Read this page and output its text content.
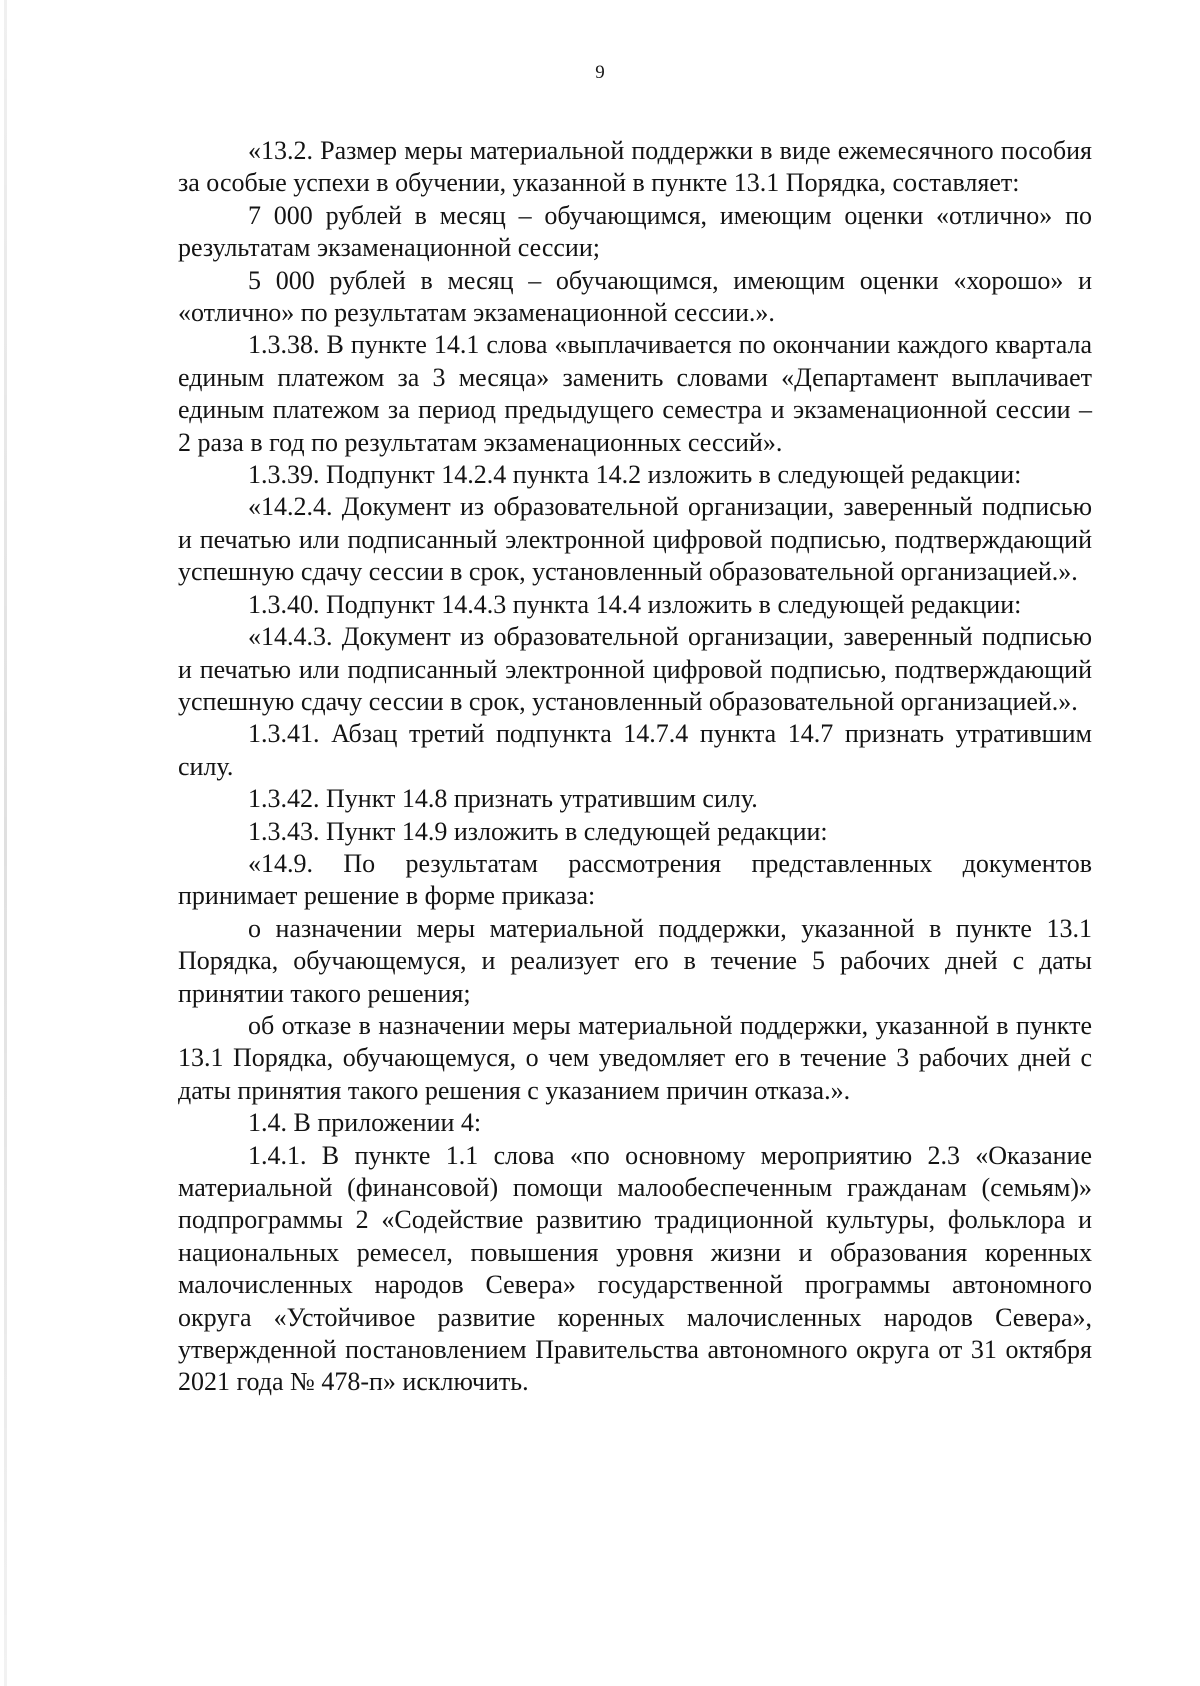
9

«13.2. Размер меры материальной поддержки в виде ежемесячного пособия за особые успехи в обучении, указанной в пункте 13.1 Порядка, составляет:

7 000 рублей в месяц – обучающимся, имеющим оценки «отлично» по результатам экзаменационной сессии;

5 000 рублей в месяц – обучающимся, имеющим оценки «хорошо» и «отлично» по результатам экзаменационной сессии.».

1.3.38. В пункте 14.1 слова «выплачивается по окончании каждого квартала единым платежом за 3 месяца» заменить словами «Департамент выплачивает единым платежом за период предыдущего семестра и экзаменационной сессии – 2 раза в год по результатам экзаменационных сессий».

1.3.39. Подпункт 14.2.4 пункта 14.2 изложить в следующей редакции:

«14.2.4. Документ из образовательной организации, заверенный подписью и печатью или подписанный электронной цифровой подписью, подтверждающий успешную сдачу сессии в срок, установленный образовательной организацией.».

1.3.40. Подпункт 14.4.3 пункта 14.4 изложить в следующей редакции:

«14.4.3. Документ из образовательной организации, заверенный подписью и печатью или подписанный электронной цифровой подписью, подтверждающий успешную сдачу сессии в срок, установленный образовательной организацией.».

1.3.41. Абзац третий подпункта 14.7.4 пункта 14.7 признать утратившим силу.

1.3.42. Пункт 14.8 признать утратившим силу.

1.3.43. Пункт 14.9 изложить в следующей редакции:

«14.9. По результатам рассмотрения представленных документов принимает решение в форме приказа:

о назначении меры материальной поддержки, указанной в пункте 13.1 Порядка, обучающемуся, и реализует его в течение 5 рабочих дней с даты принятии такого решения;

об отказе в назначении меры материальной поддержки, указанной в пункте 13.1 Порядка, обучающемуся, о чем уведомляет его в течение 3 рабочих дней с даты принятия такого решения с указанием причин отказа.».

1.4. В приложении 4:

1.4.1. В пункте 1.1 слова «по основному мероприятию 2.3 «Оказание материальной (финансовой) помощи малообеспеченным гражданам (семьям)» подпрограммы 2 «Содействие развитию традиционной культуры, фольклора и национальных ремесел, повышения уровня жизни и образования коренных малочисленных народов Севера» государственной программы автономного округа «Устойчивое развитие коренных малочисленных народов Севера», утвержденной постановлением Правительства автономного округа от 31 октября 2021 года № 478-п» исключить.
